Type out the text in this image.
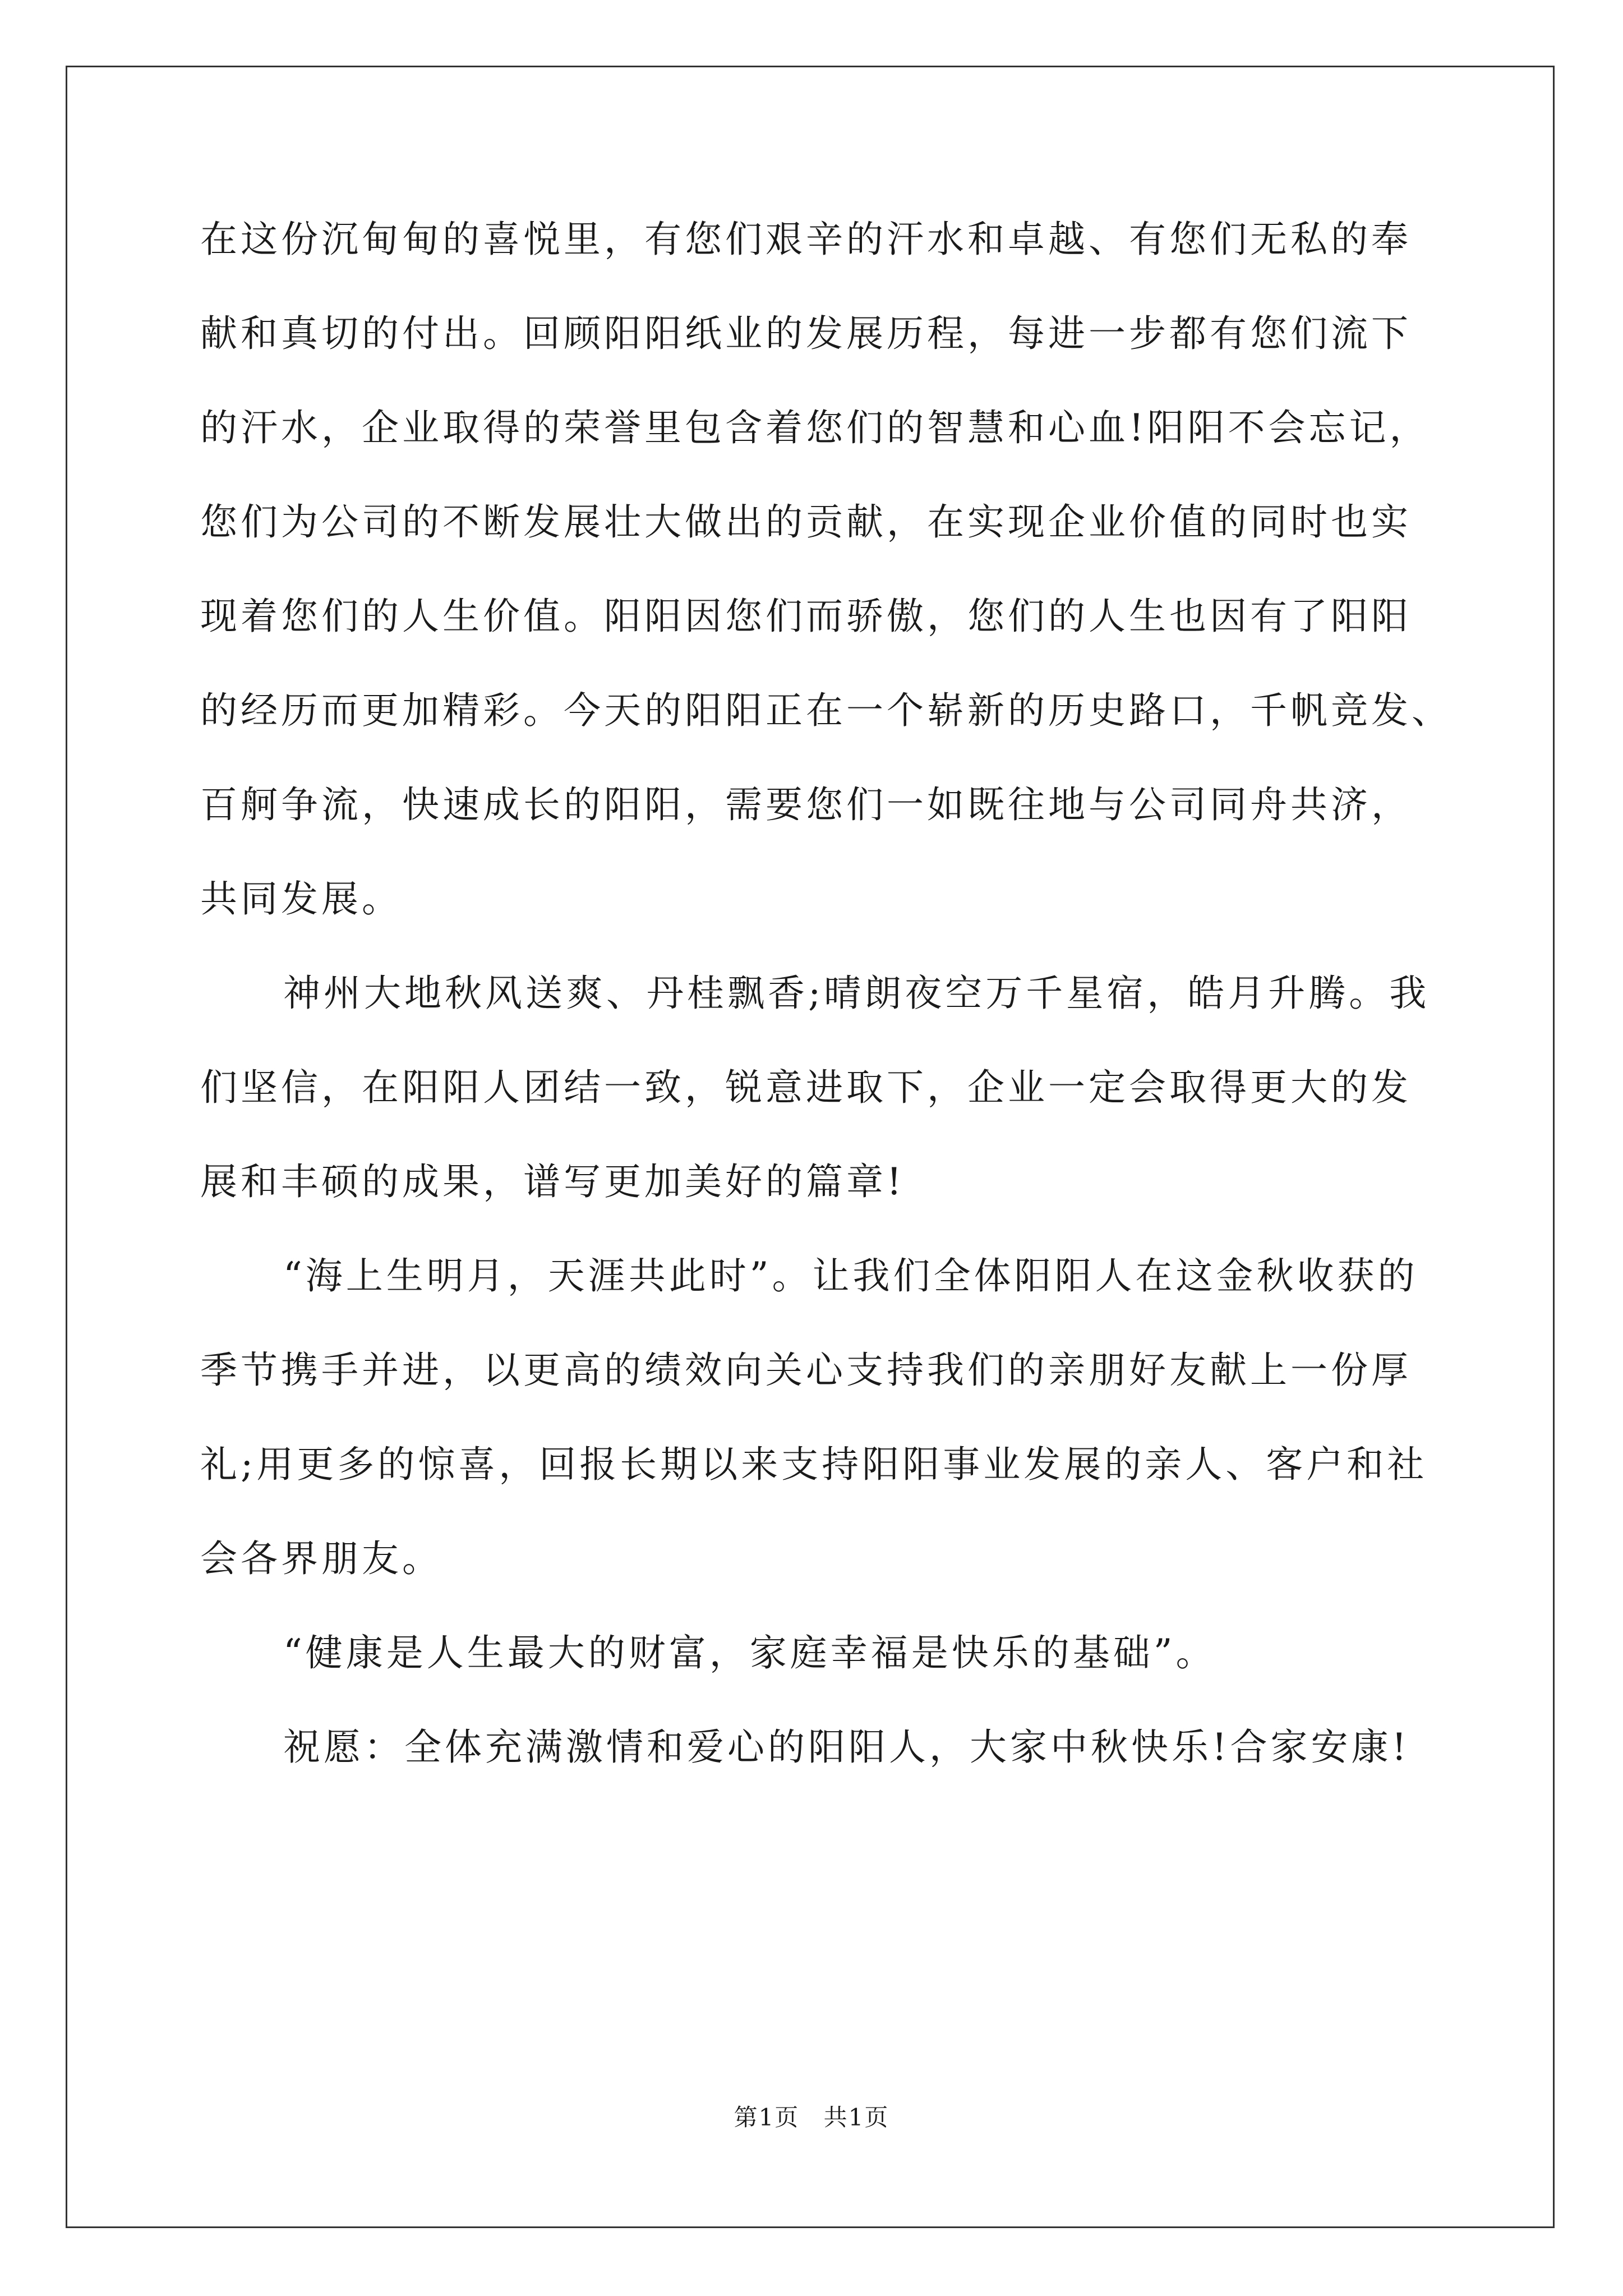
在这份沉甸甸的喜悦里，有您们艰辛的汗水和卓越、有您们无私的奉
献和真切的付出。回顾阳阳纸业的发展历程，每进一步都有您们流下
的汗水，企业取得的荣誉里包含着您们的智慧和心血!阳阳不会忘记，
您们为公司的不断发展壮大做出的贡献，在实现企业价值的同时也实
现着您们的人生价值。阳阳因您们而骄傲，您们的人生也因有了阳阳
的经历而更加精彩。今天的阳阳正在一个崭新的历史路口，千帆竞发、
百舸争流，快速成长的阳阳，需要您们一如既往地与公司同舟共济，
共同发展。
神州大地秋风送爽、丹桂飘香;晴朗夜空万千星宿，皓月升腾。我
们坚信，在阳阳人团结一致，锐意进取下，企业一定会取得更大的发
展和丰硕的成果，谱写更加美好的篇章!
“海上生明月，天涯共此时”。让我们全体阳阳人在这金秋收获的
季节携手并进，以更高的绩效向关心支持我们的亲朋好友献上一份厚
礼;用更多的惊喜，回报长期以来支持阳阳事业发展的亲人、客户和社
会各界朋友。
“健康是人生最大的财富，家庭幸福是快乐的基础”。
祝愿：全体充满激情和爱心的阳阳人，大家中秋快乐!合家安康!
第1页 共1页
